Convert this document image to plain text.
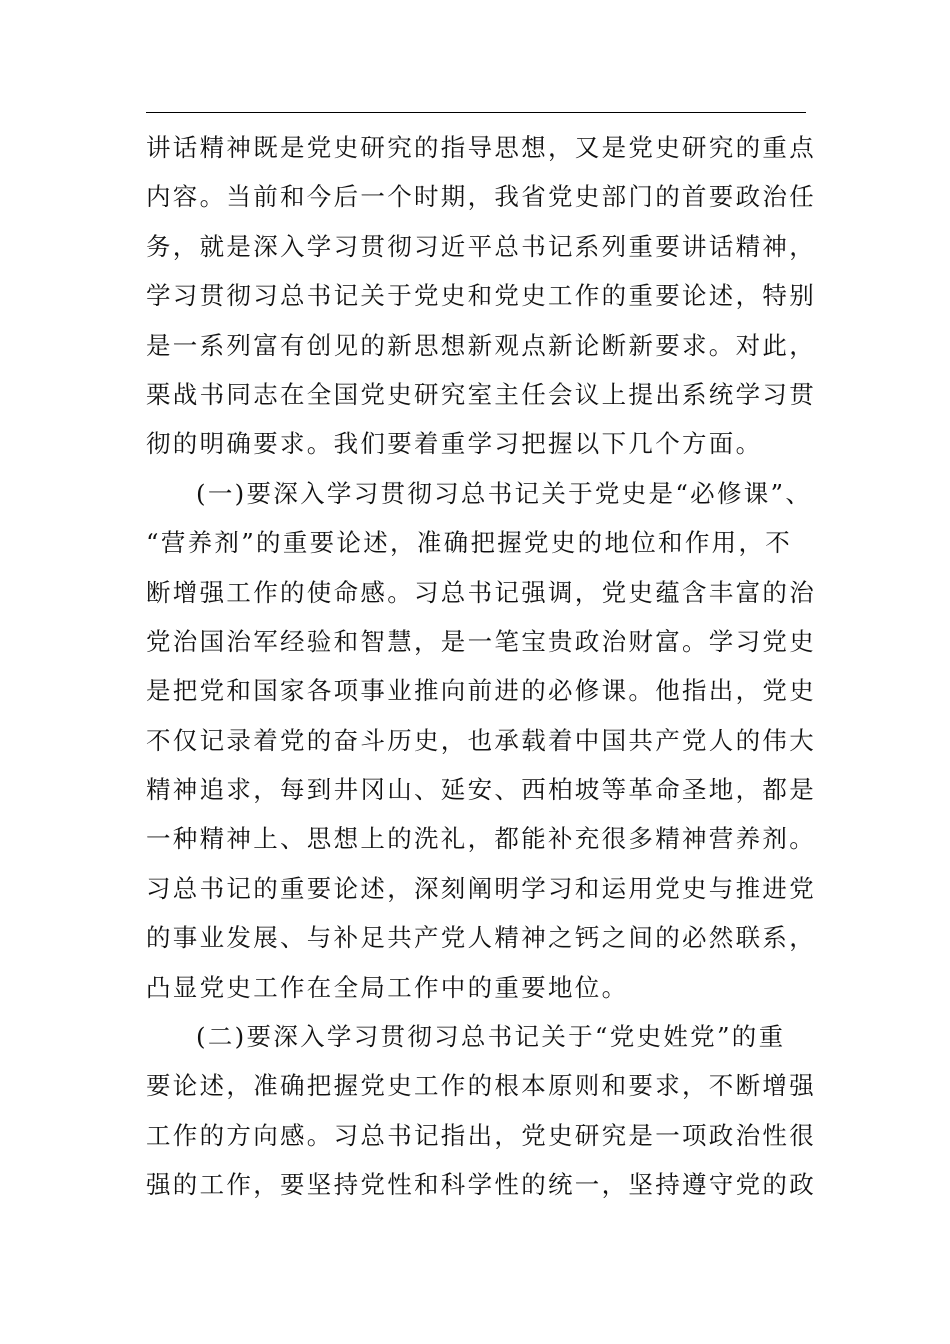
讲话精神既是党史研究的指导思想，又是党史研究的重点
内容。当前和今后一个时期，我省党史部门的首要政治任
务，就是深入学习贯彻习近平总书记系列重要讲话精神，
学习贯彻习总书记关于党史和党史工作的重要论述，特别
是一系列富有创见的新思想新观点新论断新要求。对此，
栗战书同志在全国党史研究室主任会议上提出系统学习贯
彻的明确要求。我们要着重学习把握以下几个方面。
(一)要深入学习贯彻习总书记关于党史是“必修课”、
“营养剂”的重要论述，准确把握党史的地位和作用，不
断增强工作的使命感。习总书记强调，党史蕴含丰富的治
党治国治军经验和智慧，是一笔宝贵政治财富。学习党史
是把党和国家各项事业推向前进的必修课。他指出，党史
不仅记录着党的奋斗历史，也承载着中国共产党人的伟大
精神追求，每到井冈山、延安、西柏坡等革命圣地，都是
一种精神上、思想上的洗礼，都能补充很多精神营养剂。
习总书记的重要论述，深刻阐明学习和运用党史与推进党
的事业发展、与补足共产党人精神之钙之间的必然联系，
凸显党史工作在全局工作中的重要地位。
(二)要深入学习贯彻习总书记关于“党史姓党”的重
要论述，准确把握党史工作的根本原则和要求，不断增强
工作的方向感。习总书记指出，党史研究是一项政治性很
强的工作，要坚持党性和科学性的统一，坚持遵守党的政
